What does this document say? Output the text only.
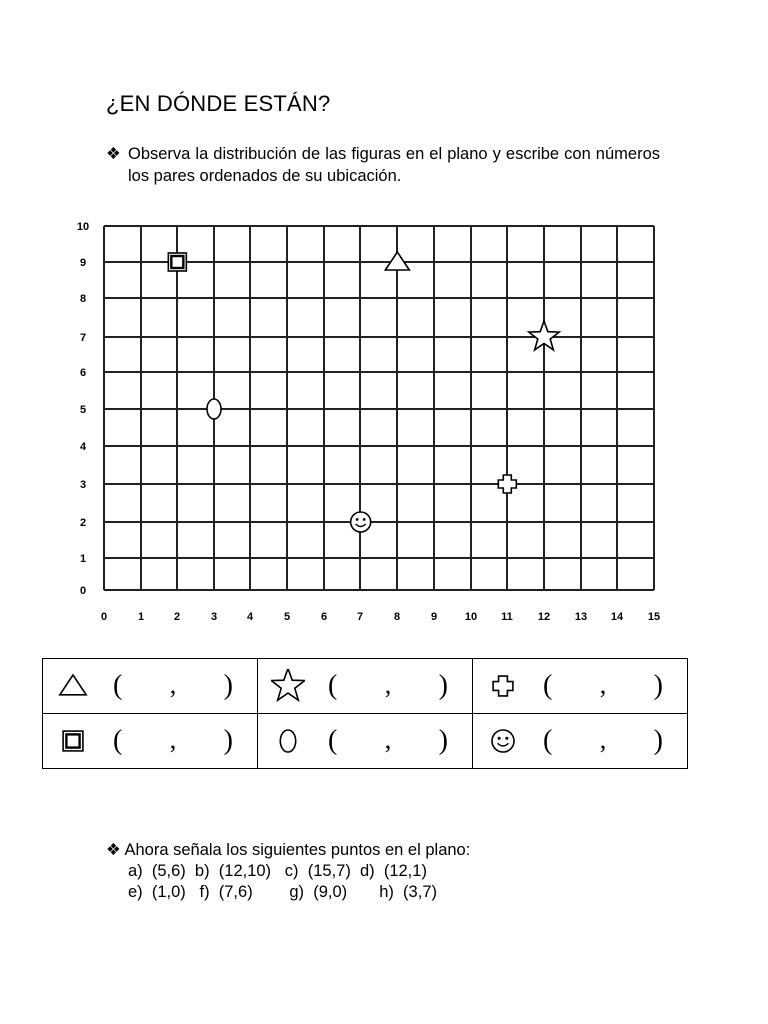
¿EN DÓNDE ESTÁN?
❖ Observa la distribución de las figuras en el plano y escribe con números los pares ordenados de su ubicación.
0	1	2	3	4	5	6	7	8	9	10 11 12 13 14 15
0
1
2
3
4
5
6
7
8
9
10
( , )	( , )	( , )

( , )	( , )	( , )
❖ Ahora señala los siguientes puntos en el plano:
a)  (5,6)  b)  (12,10)   c)  (15,7)  d)  (12,1)
e)  (1,0)   f)  (7,6)        g)  (9,0)       h)  (3,7)
